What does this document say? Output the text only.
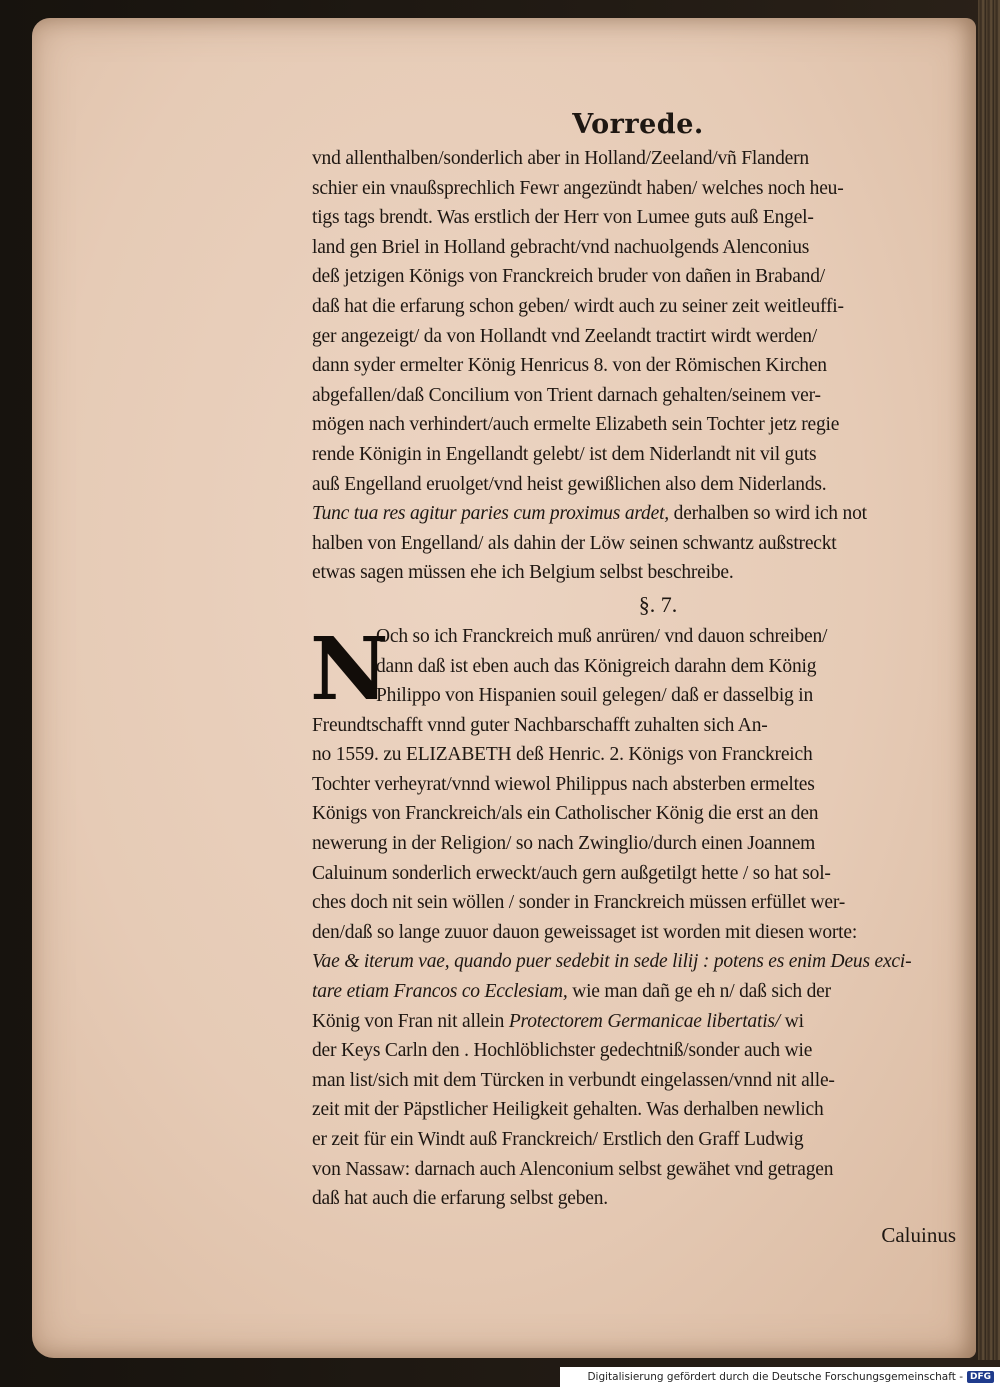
Vorrede.
vnd allenthalben/sonderlich aber in Holland/Zeeland/vñ Flandern
schier ein vnaußsprechlich Fewr angezündt haben/ welches noch heu-
tigs tags brendt. Was erstlich der Herr von Lumee guts auß Engel-
land gen Briel in Holland gebracht/vnd nachuolgends Alenconius
deß jetzigen Königs von Franckreich bruder von dañen in Braband/
daß hat die erfarung schon geben/ wirdt auch zu seiner zeit weitleuffi-
ger angezeigt/ da von Hollandt vnd Zeelandt tractirt wirdt werden/
dann syder ermelter König Henricus 8. von der Römischen Kirchen
abgefallen/daß Concilium von Trient darnach gehalten/seinem ver-
mögen nach verhindert/auch ermelte Elizabeth sein Tochter jetz regie
rende Königin in Engellandt gelebt/ ist dem Niderlandt nit vil guts
auß Engelland eruolget/vnd heist gewißlichen also dem Niderlands.
Tunc tua res agitur paries cum proximus ardet, derhalben so wird ich not
halben von Engelland/ als dahin der Löw seinen schwantz außstreckt
etwas sagen müssen ehe ich Belgium selbst beschreibe.
§. 7.
N
Och so ich Franckreich muß anrüren/ vnd dauon schreiben/
dann daß ist eben auch das Königreich darahn dem König
Philippo von Hispanien souil gelegen/ daß er dasselbig in
Freundtschafft vnnd guter Nachbarschafft zuhalten sich An-
no 1559. zu ELIZABETH deß Henric. 2. Königs von Franckreich
Tochter verheyrat/vnnd wiewol Philippus nach absterben ermeltes
Königs von Franckreich/als ein Catholischer König die erst an den
newerung in der Religion/ so nach Zwinglio/durch einen Joannem
Caluinum sonderlich erweckt/auch gern außgetilgt hette / so hat sol-
ches doch nit sein wöllen / sonder in Franckreich müssen erfüllet wer-
den/daß so lange zuuor dauon geweissaget ist worden mit diesen worte:
Vae & iterum vae, quando puer sedebit in sede lilij : potens es enim Deus exci-
tare etiam Francos co Ecclesiam, wie man dañ ge eh n/ daß sich der
König von Fran nit allein Protectorem Germanicae libertatis/ wi
der Keys Carln den . Hochlöblichster gedechtniß/sonder auch wie
man list/sich mit dem Türcken in verbundt eingelassen/vnnd nit alle-
zeit mit der Päpstlicher Heiligkeit gehalten. Was derhalben newlich
er zeit für ein Windt auß Franckreich/ Erstlich den Graff Ludwig
von Nassaw: darnach auch Alenconium selbst gewähet vnd getragen
daß hat auch die erfarung selbst geben.
Caluinus
Digitalisierung gefördert durch die Deutsche Forschungsgemeinschaft - DFG
